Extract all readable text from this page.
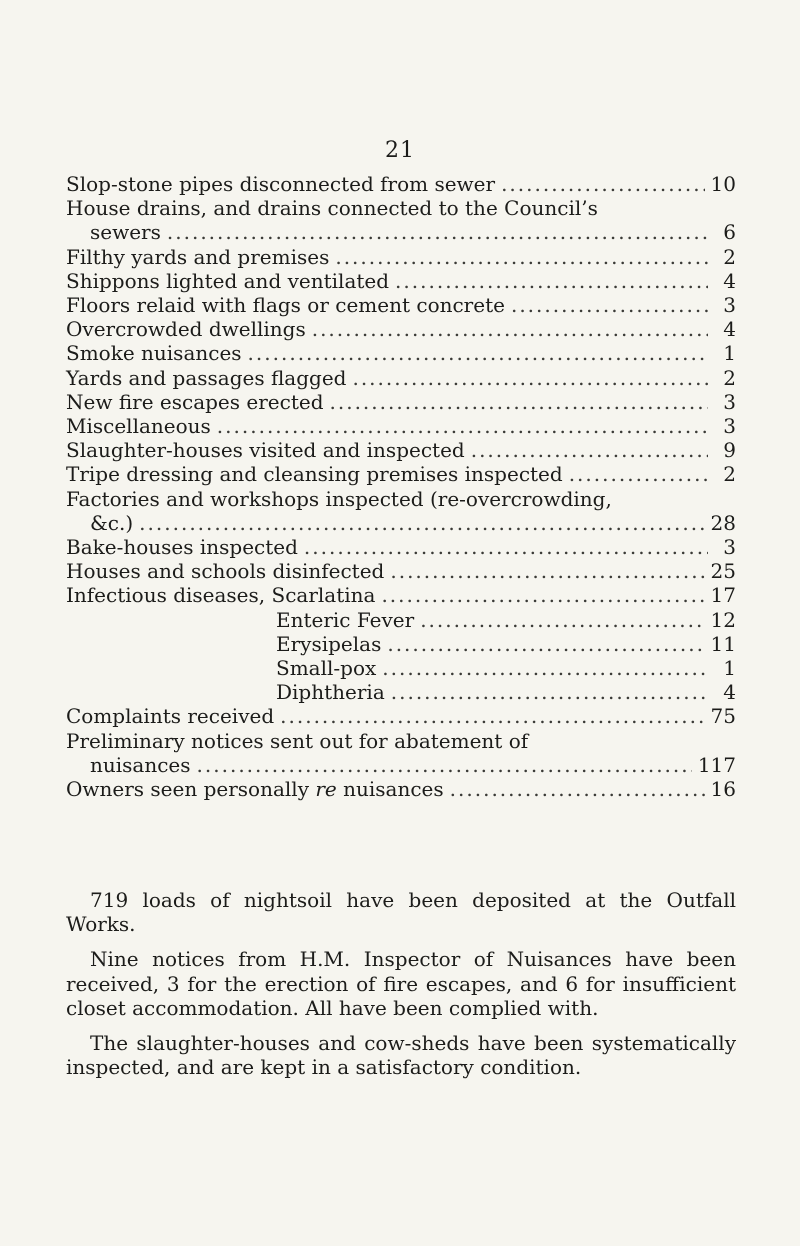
21
Slop-stone pipes disconnected from sewer .....	10
House drains, and drains connected to the Council’s
sewers .....	6
Filthy yards and premises .....	2
Shippons lighted and ventilated .....	4
Floors relaid with flags or cement concrete .....	3
Overcrowded dwellings .....	4
Smoke nuisances .....	1
Yards and passages flagged .....	2
New fire escapes erected .....	3
Miscellaneous .....	3
Slaughter-houses visited and inspected .....	9
Tripe dressing and cleansing premises inspected .....	2
Factories and workshops inspected (re-overcrowding,
&c.) .....	28
Bake-houses inspected .....	3
Houses and schools disinfected .....	25
Infectious diseases, Scarlatina .....	17
Enteric Fever .....	12
Erysipelas .....	11
Small-pox .....	1
Diphtheria .....	4
Complaints received .....	75
Preliminary notices sent out for abatement of
nuisances .....	117
Owners seen personally re nuisances .....	16

719 loads of nightsoil have been deposited at the Outfall Works.

Nine notices from H.M. Inspector of Nuisances have been received, 3 for the erection of fire escapes, and 6 for insufficient closet accommodation. All have been complied with.

The slaughter-houses and cow-sheds have been systematically inspected, and are kept in a satisfactory condition.
